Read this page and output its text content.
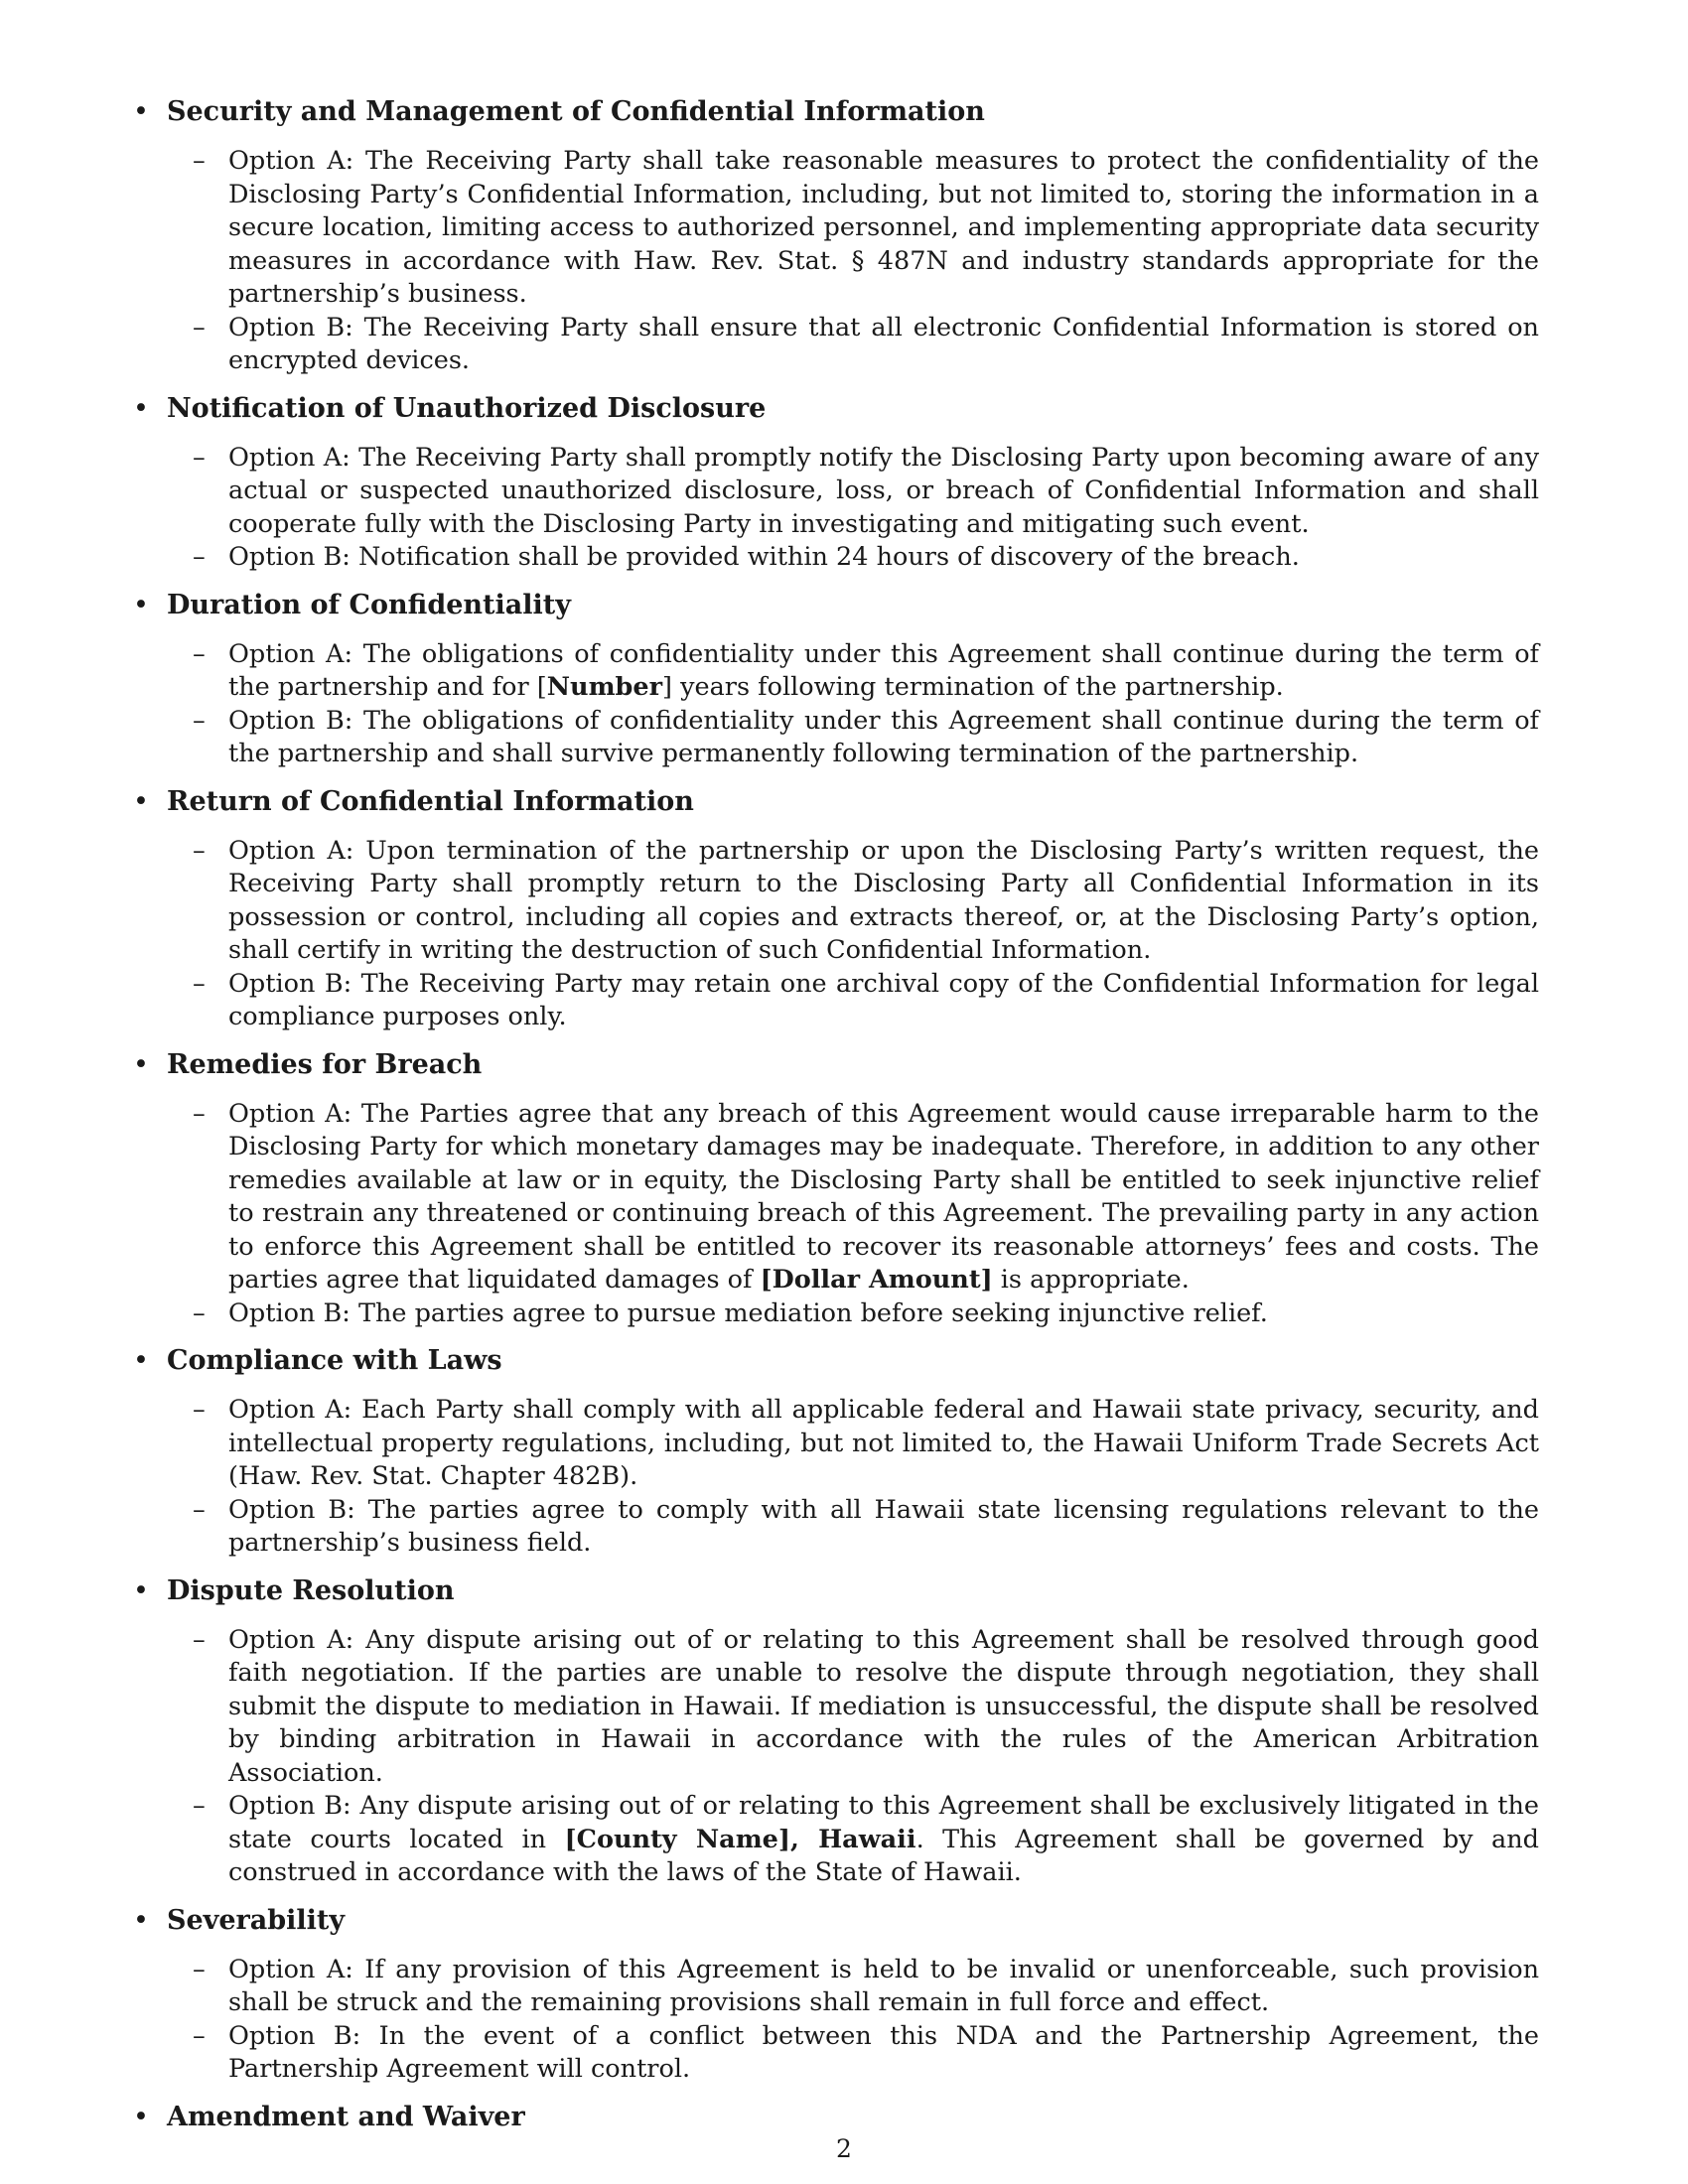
• Security and Management of Confidential Information

– Option A: The Receiving Party shall take reasonable measures to protect the confidentiality of the Disclosing Party’s Confidential Information, including, but not limited to, storing the information in a secure location, limiting access to authorized personnel, and implementing appropriate data security measures in accordance with Haw. Rev. Stat. § 487N and industry standards appropriate for the partnership’s business.

– Option B: The Receiving Party shall ensure that all electronic Confidential Information is stored on encrypted devices.

• Notification of Unauthorized Disclosure

– Option A: The Receiving Party shall promptly notify the Disclosing Party upon becoming aware of any actual or suspected unauthorized disclosure, loss, or breach of Confidential Information and shall cooperate fully with the Disclosing Party in investigating and mitigating such event.

– Option B: Notification shall be provided within 24 hours of discovery of the breach.

• Duration of Confidentiality

– Option A: The obligations of confidentiality under this Agreement shall continue during the term of the partnership and for [Number] years following termination of the partnership.

– Option B: The obligations of confidentiality under this Agreement shall continue during the term of the partnership and shall survive permanently following termination of the partnership.

• Return of Confidential Information

– Option A: Upon termination of the partnership or upon the Disclosing Party’s written request, the Receiving Party shall promptly return to the Disclosing Party all Confidential Information in its possession or control, including all copies and extracts thereof, or, at the Disclosing Party’s option, shall certify in writing the destruction of such Confidential Information.

– Option B: The Receiving Party may retain one archival copy of the Confidential Information for legal compliance purposes only.

• Remedies for Breach

– Option A: The Parties agree that any breach of this Agreement would cause irreparable harm to the Disclosing Party for which monetary damages may be inadequate. Therefore, in addition to any other remedies available at law or in equity, the Disclosing Party shall be entitled to seek injunctive relief to restrain any threatened or continuing breach of this Agreement. The prevailing party in any action to enforce this Agreement shall be entitled to recover its reasonable attorneys’ fees and costs. The parties agree that liquidated damages of [Dollar Amount] is appropriate.

– Option B: The parties agree to pursue mediation before seeking injunctive relief.

• Compliance with Laws

– Option A: Each Party shall comply with all applicable federal and Hawaii state privacy, security, and intellectual property regulations, including, but not limited to, the Hawaii Uniform Trade Secrets Act (Haw. Rev. Stat. Chapter 482B).

– Option B: The parties agree to comply with all Hawaii state licensing regulations relevant to the partnership’s business field.

• Dispute Resolution

– Option A: Any dispute arising out of or relating to this Agreement shall be resolved through good faith negotiation. If the parties are unable to resolve the dispute through negotiation, they shall submit the dispute to mediation in Hawaii. If mediation is unsuccessful, the dispute shall be resolved by binding arbitration in Hawaii in accordance with the rules of the American Arbitration Association.

– Option B: Any dispute arising out of or relating to this Agreement shall be exclusively litigated in the state courts located in [County Name], Hawaii. This Agreement shall be governed by and construed in accordance with the laws of the State of Hawaii.

• Severability

– Option A: If any provision of this Agreement is held to be invalid or unenforceable, such provision shall be struck and the remaining provisions shall remain in full force and effect.

– Option B: In the event of a conflict between this NDA and the Partnership Agreement, the Partnership Agreement will control.

• Amendment and Waiver
2
